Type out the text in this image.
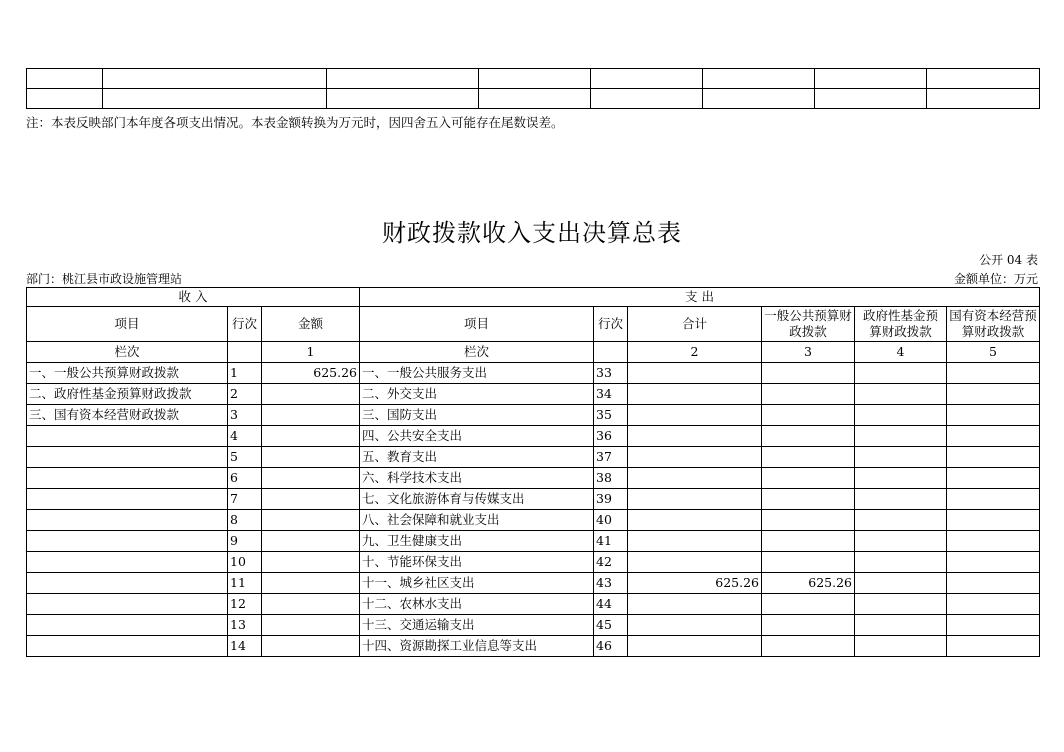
注：本表反映部门本年度各项支出情况。本表金额转换为万元时，因四舍五入可能存在尾数误差。
财政拨款收入支出决算总表
公开 04 表
部门：桃江县市政设施管理站	金额单位：万元
收 入			支 出					
项目	行次	金额	项目	行次	合计	一般公共预算财政拨款	政府性基金预算财政拨款	国有资本经营预算财政拨款
栏次		1	栏次		2	3	4	5
一、一般公共预算财政拨款	1	625.26	一、一般公共服务支出	33				
二、政府性基金预算财政拨款	2		二、外交支出	34				
三、国有资本经营财政拨款	3		三、国防支出	35				
	4		四、公共安全支出	36				
	5		五、教育支出	37				
	6		六、科学技术支出	38				
	7		七、文化旅游体育与传媒支出	39				
	8		八、社会保障和就业支出	40				
	9		九、卫生健康支出	41				
	10		十、节能环保支出	42				
	11		十一、城乡社区支出	43	625.26	625.26		
	12		十二、农林水支出	44				
	13		十三、交通运输支出	45				
	14		十四、资源勘探工业信息等支出	46				
